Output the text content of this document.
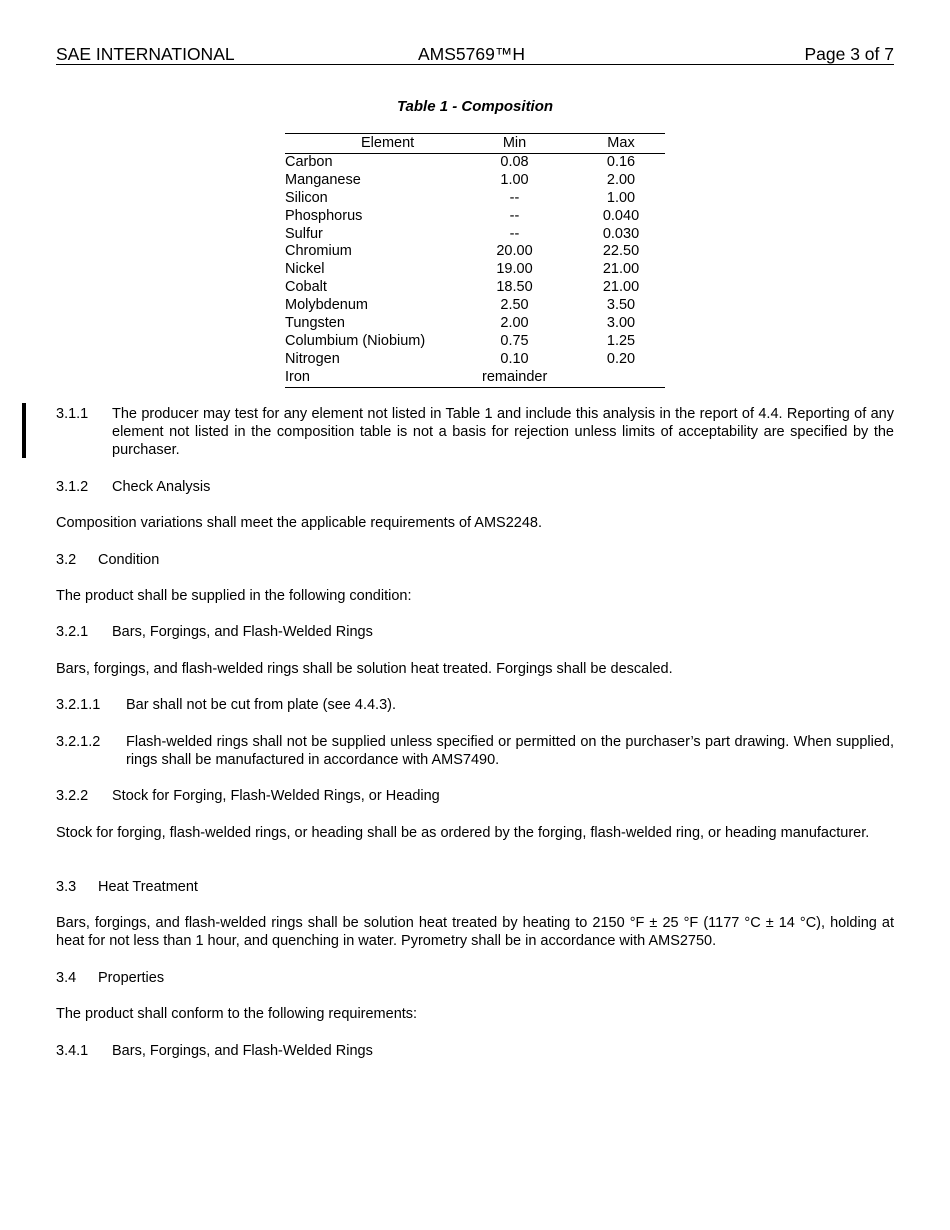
SAE INTERNATIONAL	AMS5769™H	Page 3 of 7
Table 1 - Composition
Element	Min	Max
Carbon	0.08	0.16
Manganese	1.00	2.00
Silicon	--	1.00
Phosphorus	--	0.040
Sulfur	--	0.030
Chromium	20.00	22.50
Nickel	19.00	21.00
Cobalt	18.50	21.00
Molybdenum	2.50	3.50
Tungsten	2.00	3.00
Columbium (Niobium)	0.75	1.25
Nitrogen	0.10	0.20
Iron	remainder
3.1.1 The producer may test for any element not listed in Table 1 and include this analysis in the report of 4.4. Reporting of any element not listed in the composition table is not a basis for rejection unless limits of acceptability are specified by the purchaser.
3.1.2 Check Analysis
Composition variations shall meet the applicable requirements of AMS2248.
3.2 Condition
The product shall be supplied in the following condition:
3.2.1 Bars, Forgings, and Flash-Welded Rings
Bars, forgings, and flash-welded rings shall be solution heat treated. Forgings shall be descaled.
3.2.1.1 Bar shall not be cut from plate (see 4.4.3).
3.2.1.2 Flash-welded rings shall not be supplied unless specified or permitted on the purchaser’s part drawing. When supplied, rings shall be manufactured in accordance with AMS7490.
3.2.2 Stock for Forging, Flash-Welded Rings, or Heading
Stock for forging, flash-welded rings, or heading shall be as ordered by the forging, flash-welded ring, or heading manufacturer.
3.3 Heat Treatment
Bars, forgings, and flash-welded rings shall be solution heat treated by heating to 2150 °F ± 25 °F (1177 °C ± 14 °C), holding at heat for not less than 1 hour, and quenching in water. Pyrometry shall be in accordance with AMS2750.
3.4 Properties
The product shall conform to the following requirements:
3.4.1 Bars, Forgings, and Flash-Welded Rings
